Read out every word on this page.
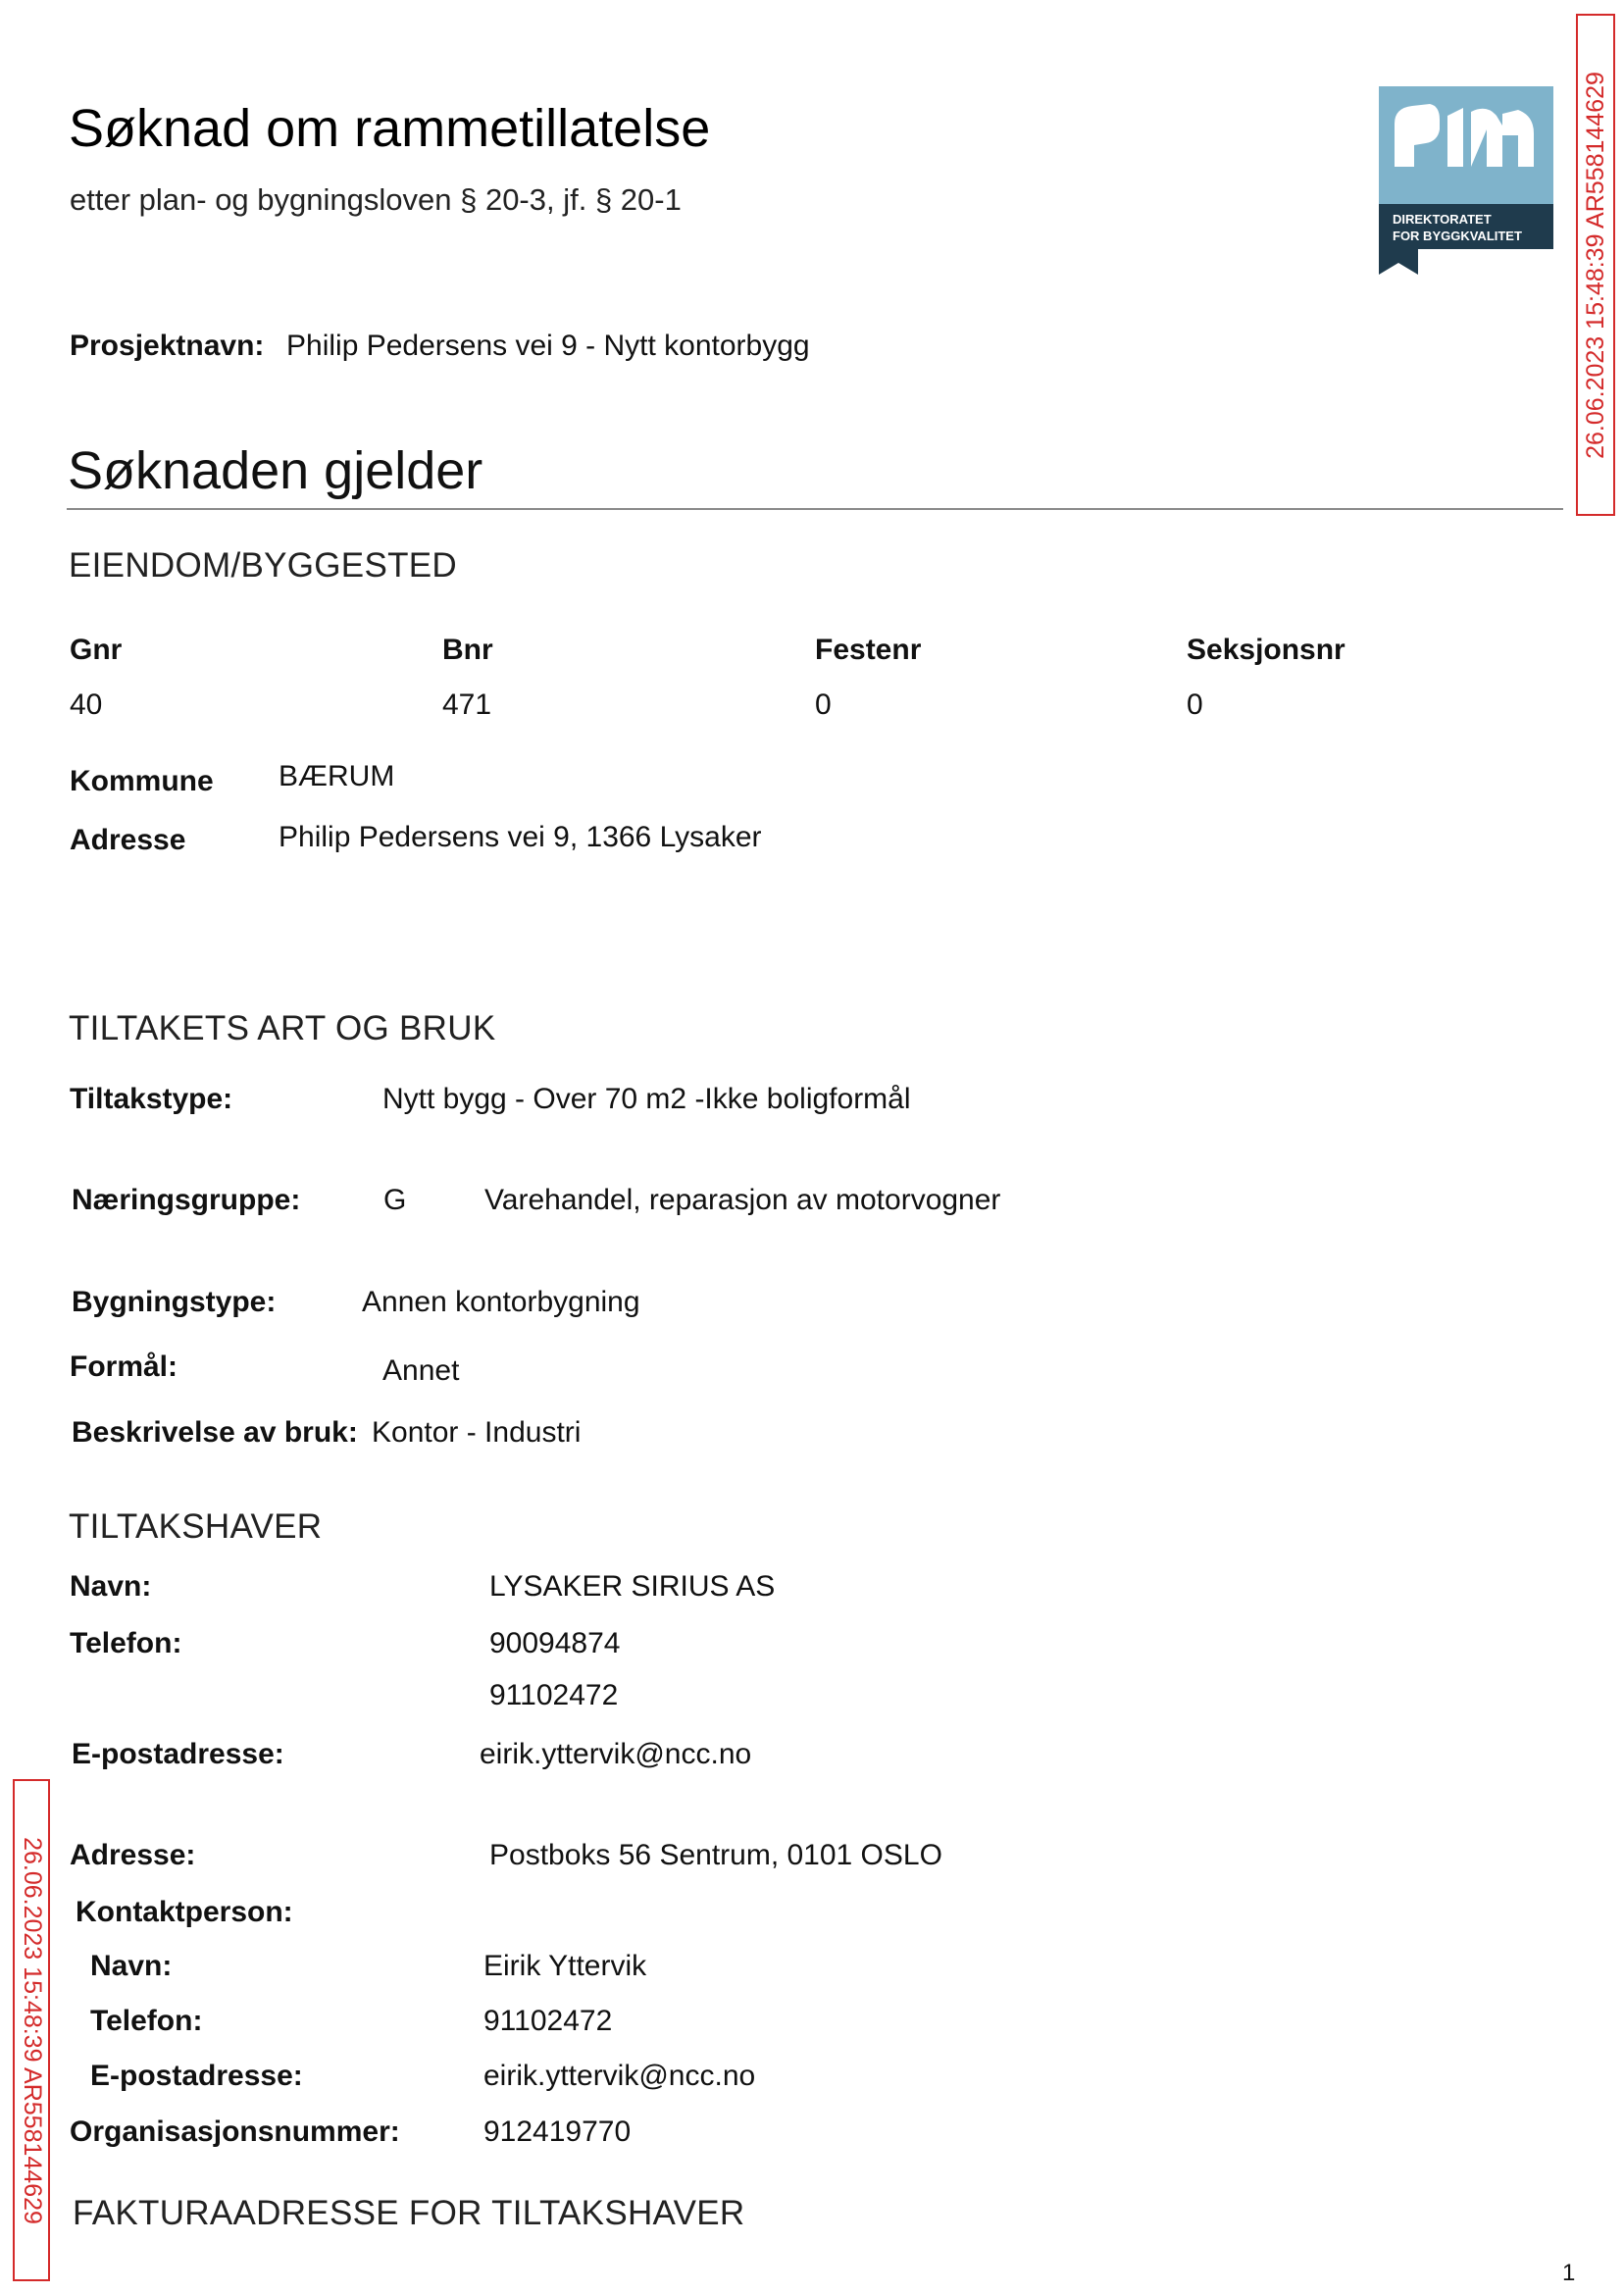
26.06.2023 15:48:39 AR558144629
26.06.2023 15:48:39 AR558144629
Søknad om rammetillatelse
etter plan- og bygningsloven § 20-3, jf. § 20-1
DIREKTORATET
FOR BYGGKVALITET
Prosjektnavn: Philip Pedersens vei 9 - Nytt kontorbygg
Søknaden gjelder
EIENDOM/BYGGESTED
Gnr	Bnr	Festenr	Seksjonsnr
40	471	0	0
Kommune BÆRUM
Adresse	Philip Pedersens vei 9, 1366 Lysaker
TILTAKETS ART OG BRUK
Tiltakstype:	Nytt bygg - Over 70 m2 -Ikke boligformål
Næringsgruppe:	G	Varehandel, reparasjon av motorvogner
Bygningstype:	Annen kontorbygning
Formål:	Annet
Beskrivelse av bruk: Kontor - Industri
TILTAKSHAVER
Navn:	LYSAKER SIRIUS AS
Telefon:	90094874
91102472
E-postadresse:	eirik.yttervik@ncc.no
Adresse:	Postboks 56 Sentrum, 0101 OSLO
Kontaktperson:
Navn:	Eirik Yttervik
Telefon:	91102472
E-postadresse:	eirik.yttervik@ncc.no
Organisasjonsnummer:	912419770
FAKTURAADRESSE FOR TILTAKSHAVER
1
